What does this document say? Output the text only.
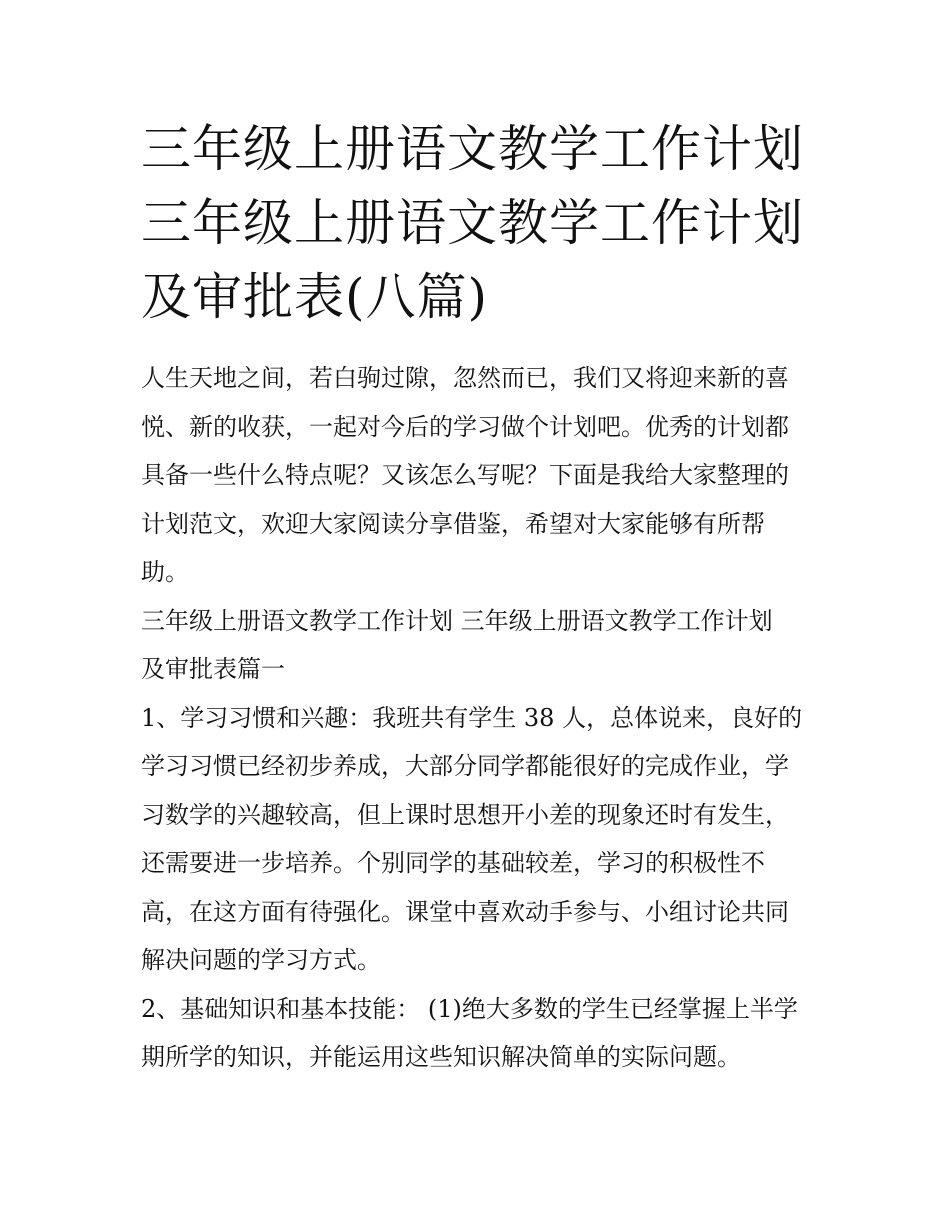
三年级上册语文教学工作计划
三年级上册语文教学工作计划
及审批表(八篇)

人生天地之间，若白驹过隙，忽然而已，我们又将迎来新的喜

悦、新的收获，一起对今后的学习做个计划吧。优秀的计划都

具备一些什么特点呢？又该怎么写呢？下面是我给大家整理的

计划范文，欢迎大家阅读分享借鉴，希望对大家能够有所帮

助。

三年级上册语文教学工作计划 三年级上册语文教学工作计划

及审批表篇一

1、学习习惯和兴趣：我班共有学生 38 人，总体说来，良好的

学习习惯已经初步养成，大部分同学都能很好的完成作业，学

习数学的兴趣较高，但上课时思想开小差的现象还时有发生，

还需要进一步培养。个别同学的基础较差，学习的积极性不

高，在这方面有待强化。课堂中喜欢动手参与、小组讨论共同

解决问题的学习方式。

2、基础知识和基本技能： (1)绝大多数的学生已经掌握上半学

期所学的知识，并能运用这些知识解决简单的实际问题。
